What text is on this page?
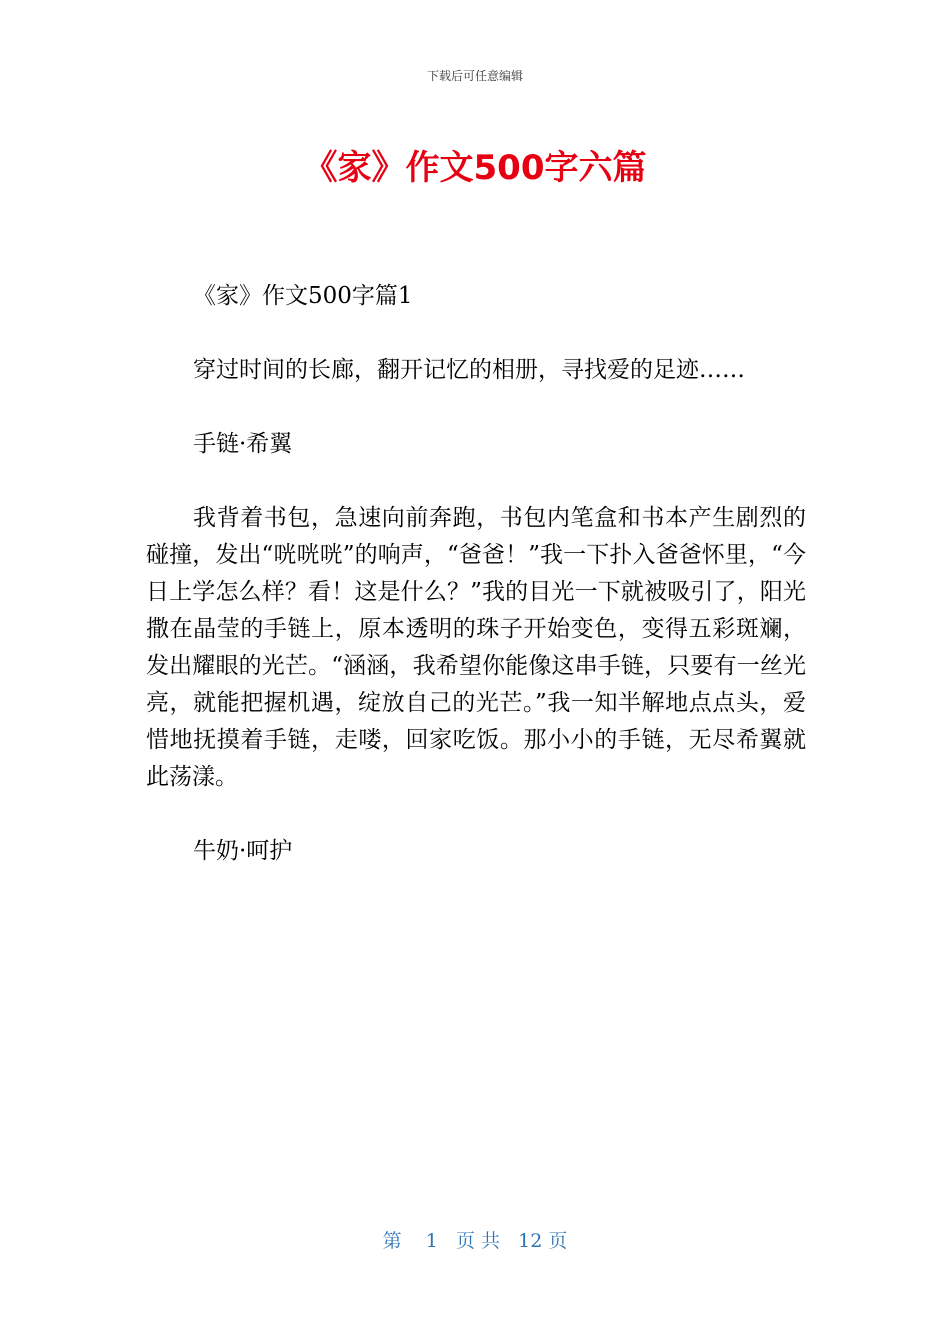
下载后可任意编辑
《家》作文500字六篇

《家》作文500字篇1

穿过时间的长廊，翻开记忆的相册，寻找爱的足迹……

手链·希翼

我背着书包，急速向前奔跑，书包内笔盒和书本产生剧烈的碰撞，发出“咣咣咣”的响声，“爸爸！”我一下扑入爸爸怀里，“今日上学怎么样？看！这是什么？”我的目光一下就被吸引了，阳光撒在晶莹的手链上，原本透明的珠子开始变色，变得五彩斑斓，发出耀眼的光芒。“涵涵，我希望你能像这串手链，只要有一丝光亮，就能把握机遇，绽放自己的光芒。”我一知半解地点点头，爱惜地抚摸着手链，走喽，回家吃饭。那小小的手链，无尽希翼就此荡漾。

牛奶·呵护

第 1 页 共 12 页
